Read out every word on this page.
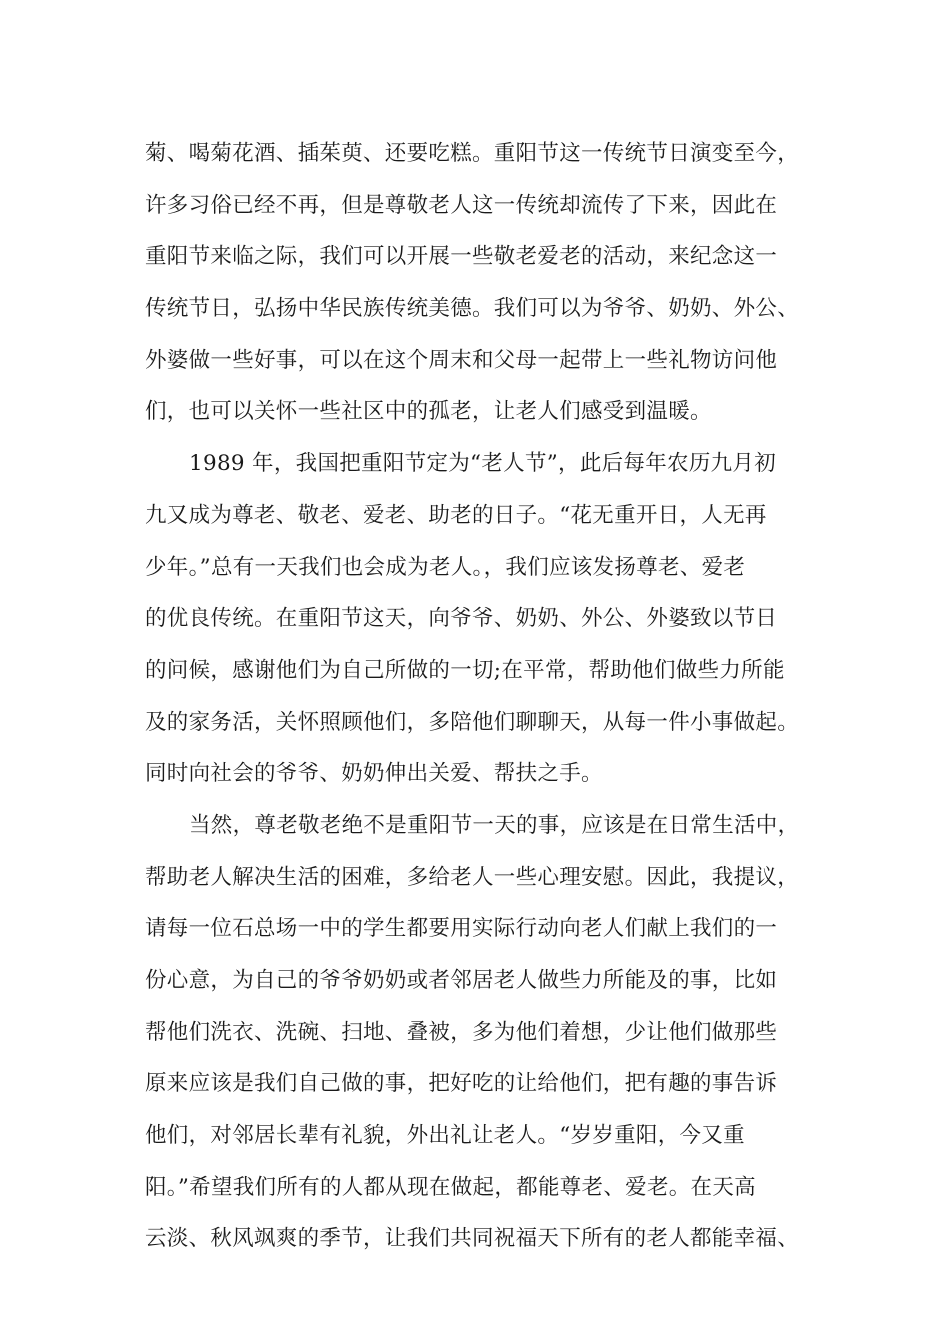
菊、喝菊花酒、插茱萸、还要吃糕。重阳节这一传统节日演变至今，
许多习俗已经不再，但是尊敬老人这一传统却流传了下来，因此在
重阳节来临之际，我们可以开展一些敬老爱老的活动，来纪念这一
传统节日，弘扬中华民族传统美德。我们可以为爷爷、奶奶、外公、
外婆做一些好事，可以在这个周末和父母一起带上一些礼物访问他
们，也可以关怀一些社区中的孤老，让老人们感受到温暖。
1989 年，我国把重阳节定为“老人节”，此后每年农历九月初
九又成为尊老、敬老、爱老、助老的日子。“花无重开日，人无再
少年。”总有一天我们也会成为老人。，我们应该发扬尊老、爱老
的优良传统。在重阳节这天，向爷爷、奶奶、外公、外婆致以节日
的问候，感谢他们为自己所做的一切;在平常，帮助他们做些力所能
及的家务活，关怀照顾他们，多陪他们聊聊天，从每一件小事做起。
同时向社会的爷爷、奶奶伸出关爱、帮扶之手。
当然，尊老敬老绝不是重阳节一天的事，应该是在日常生活中，
帮助老人解决生活的困难，多给老人一些心理安慰。因此，我提议，
请每一位石总场一中的学生都要用实际行动向老人们献上我们的一
份心意，为自己的爷爷奶奶或者邻居老人做些力所能及的事，比如
帮他们洗衣、洗碗、扫地、叠被，多为他们着想，少让他们做那些
原来应该是我们自己做的事，把好吃的让给他们，把有趣的事告诉
他们，对邻居长辈有礼貌，外出礼让老人。“岁岁重阳，今又重
阳。”希望我们所有的人都从现在做起，都能尊老、爱老。在天高
云淡、秋风飒爽的季节，让我们共同祝福天下所有的老人都能幸福、
